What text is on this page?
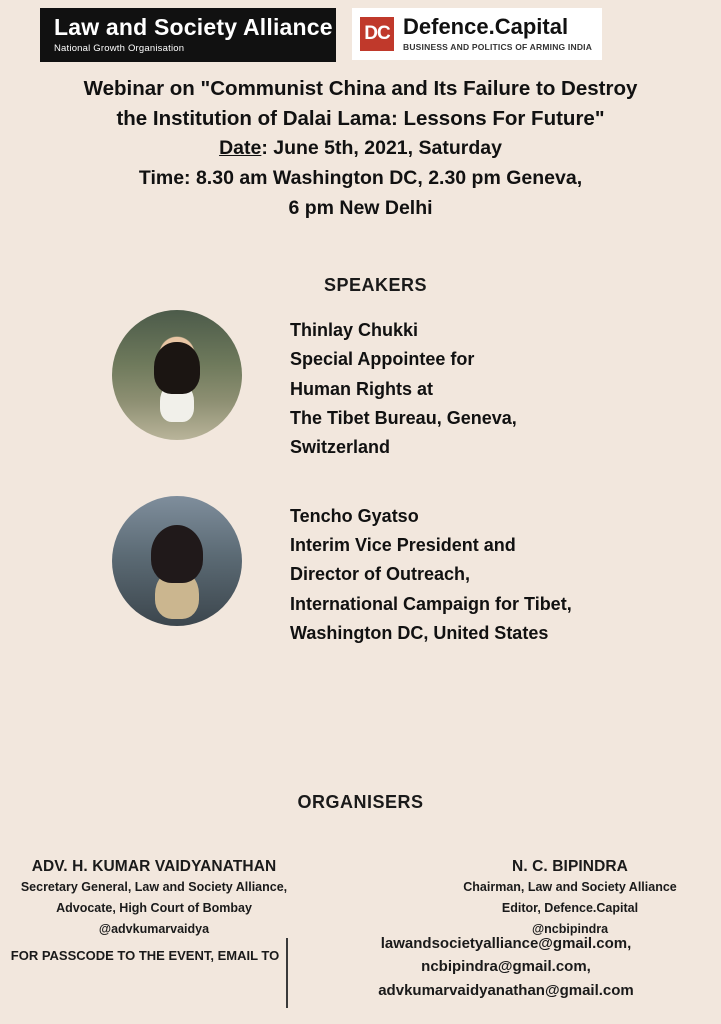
Law and Society Alliance
National Growth Organisation
DC Defence.Capital
BUSINESS AND POLITICS OF ARMING INDIA
Webinar on "Communist China and Its Failure to Destroy
the Institution of Dalai Lama: Lessons For Future"
Date: June 5th, 2021, Saturday
Time: 8.30 am Washington DC, 2.30 pm Geneva,
6 pm New Delhi
SPEAKERS
Thinlay Chukki
Special Appointee for
Human Rights at
The Tibet Bureau, Geneva,
Switzerland
Tencho Gyatso
Interim Vice President and
Director of Outreach,
International Campaign for Tibet,
Washington DC, United States
ORGANISERS
ADV. H. KUMAR VAIDYANATHAN
Secretary General, Law and Society Alliance,
Advocate, High Court of Bombay
@advkumarvaidya
N. C. BIPINDRA
Chairman, Law and Society Alliance
Editor, Defence.Capital
@ncbipindra
FOR PASSCODE TO THE EVENT, EMAIL TO
lawandsocietyalliance@gmail.com,
ncbipindra@gmail.com, advkumarvaidyanathan@gmail.com
